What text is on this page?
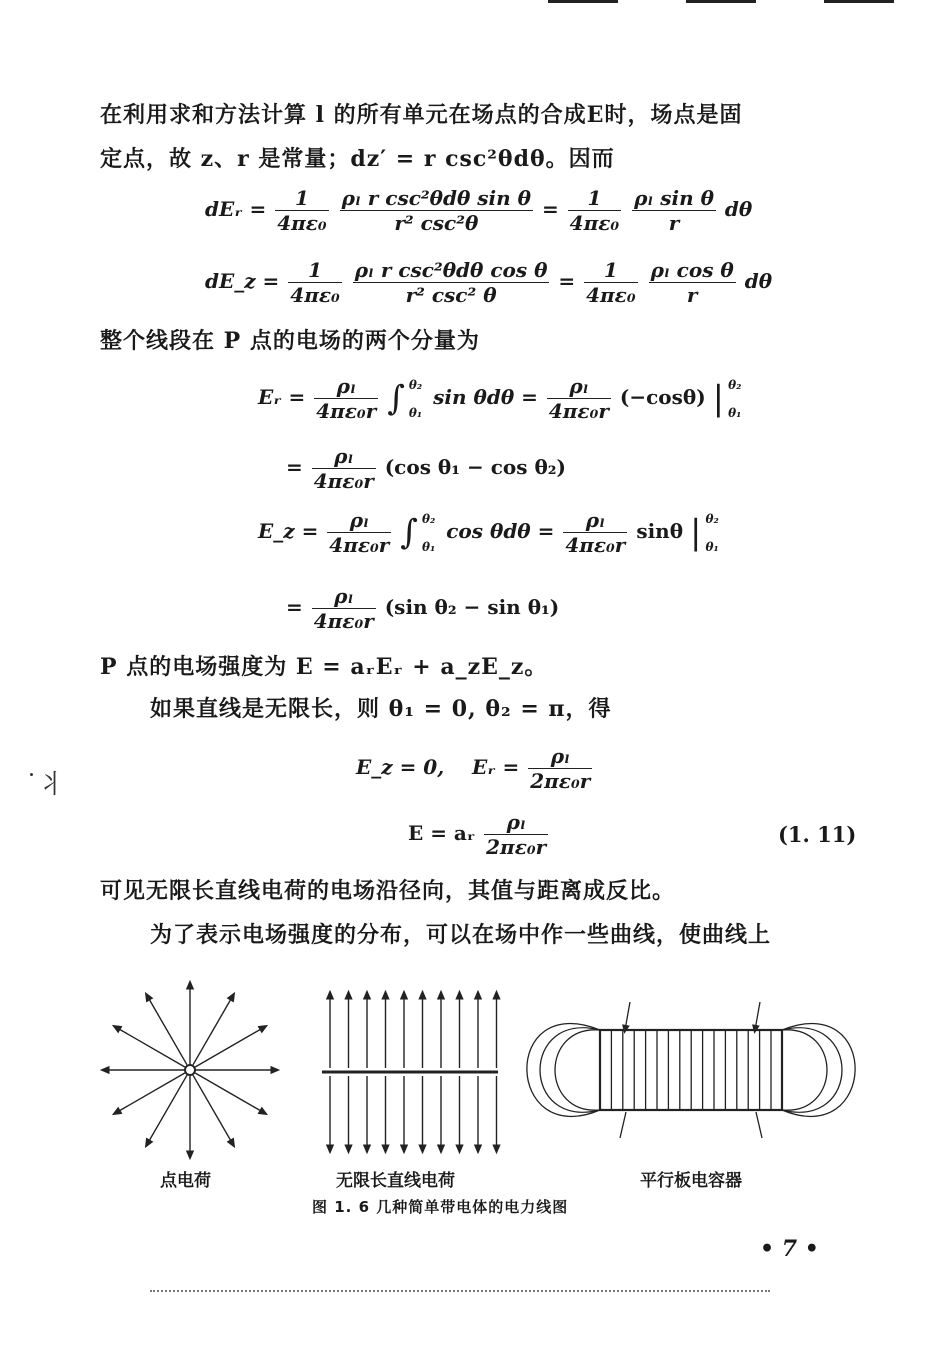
在利用求和方法计算 l 的所有单元在场点的合成E时，场点是固
定点，故 z、r 是常量；dz′ = r csc²θdθ。因而
dEᵣ = $\frac{1}{\text{4πε₀}}$
$\frac{\text{ρₗ r csc²θdθ sin θ}}{\text{r² csc²θ}} = \frac{1}{\text{4πε₀}}$
$\frac{\text{ρₗ sin θ}}{r}$ dθ
dE_z = $\frac{1}{\text{4πε₀}}$
$\frac{\text{ρₗ r csc²θdθ cos θ}}{\text{r² csc² θ}} = \frac{1}{\text{4πε₀}}$
$\frac{\text{ρₗ cos θ}}{r}$ dθ
整个线段在 P 点的电场的两个分量为
Eᵣ = $\frac{\text{ρₗ}}{\text{4πε₀r}}$ ∫ θ₂
θ₁
$\sin \theta d\theta = \frac{\text{ρₗ}}{\text{4πε₀r}} (-\cos\theta)$ | θ₂
θ₁
= $\frac{\text{ρₗ}}{\text{4πε₀r}} (\cos$ θ₁ − cos θ₂)
E_z = $\frac{\text{ρₗ}}{\text{4πε₀r}}$ ∫ θ₂
θ₁
$\cos \theta d\theta = \frac{\text{ρₗ}}{\text{4πε₀r}}$ sinθ | θ₂
θ₁
= $\frac{\text{ρₗ}}{\text{4πε₀r}} (\sin$ θ₂ − sin θ₁)
P 点的电场强度为 E = aᵣEᵣ + a_zE_z。
如果直线是无限长，则 θ₁ = 0, θ₂ = π，得
E_z = 0, Eᵣ = $\frac{\text{ρₗ}}{\text{2πε₀r}}$
E = aᵣ $\frac{\text{ρₗ}}{\text{2πε₀r}}$	(1. 11)
̇丬
可见无限长直线电荷的电场沿径向，其值与距离成反比。
为了表示电场强度的分布，可以在场中作一些曲线，使曲线上
点电荷	无限长直线电荷	平行板电容器
图 1. 6 几种简单带电体的电力线图
• 7 •
